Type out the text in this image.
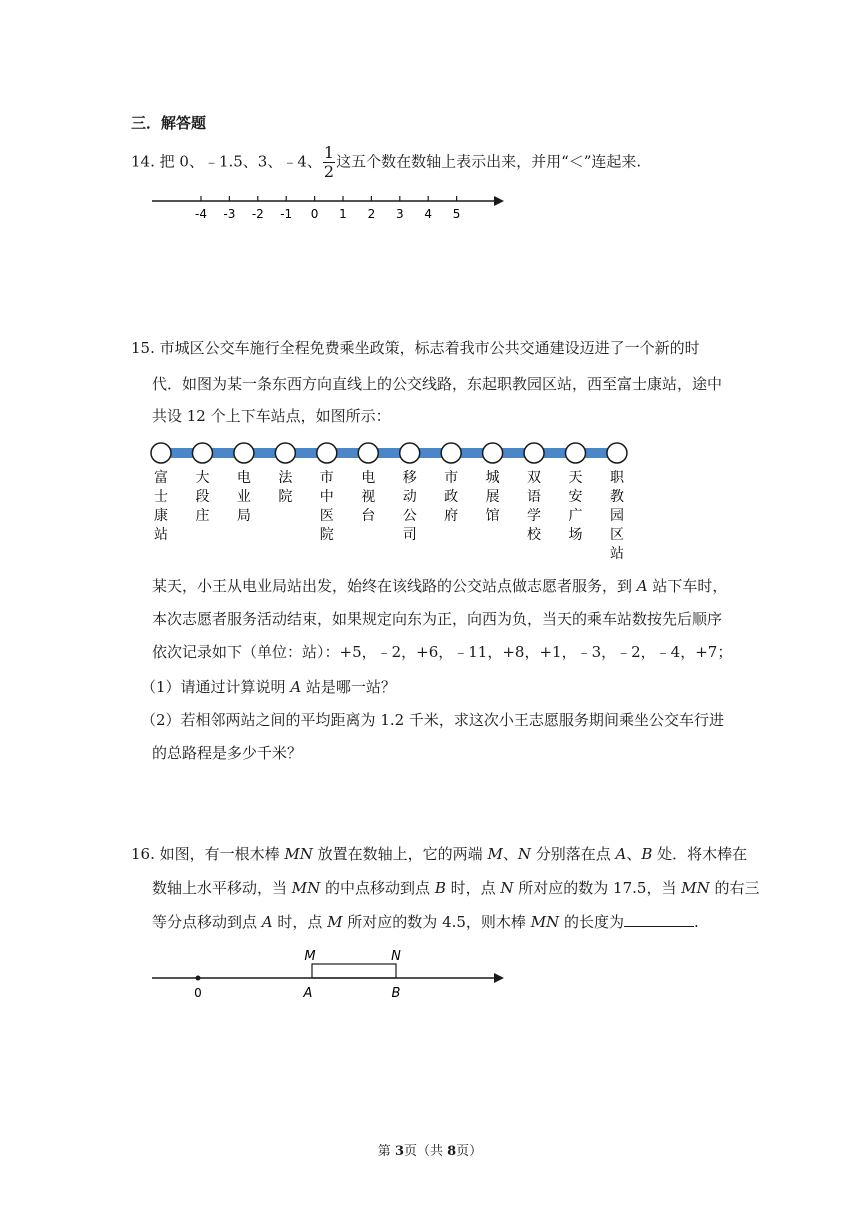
三．解答题
14. 把 0、﹣1.5、3、﹣4、 $\frac{1}{2}$ 这五个数在数轴上表示出来，并用“＜”连起来.
-4 -3 -2 -1 0 1 2 3 4 5
15. 市城区公交车施行全程免费乘坐政策，标志着我市公共交通建设迈进了一个新的时
代．如图为某一条东西方向直线上的公交线路，东起职教园区站，西至富士康站，途中
共设 12 个上下车站点，如图所示：
富
士
康
站
大
段
庄
电
业
局
法
院
市
中
医
院
电
视
台
移
动
公
司
市
政
府
城
展
馆
双
语
学
校
天
安
广
场
职
教
园
区
站
某天，小王从电业局站出发，始终在该线路的公交站点做志愿者服务，到 A 站下车时，
本次志愿者服务活动结束，如果规定向东为正，向西为负，当天的乘车站数按先后顺序
依次记录如下（单位：站）：+5，﹣2，+6，﹣11，+8，+1，﹣3，﹣2，﹣4，+7；
（1）请通过计算说明 A 站是哪一站？
（2）若相邻两站之间的平均距离为 1.2 千米，求这次小王志愿服务期间乘坐公交车行进
的总路程是多少千米？
16. 如图，有一根木棒 MN 放置在数轴上，它的两端 M、N 分别落在点 A、B 处．将木棒在
数轴上水平移动，当 MN 的中点移动到点 B 时，点 N 所对应的数为 17.5，当 MN 的右三
等分点移动到点 A 时，点 M 所对应的数为 4.5，则木棒 MN 的长度为	.
0
M	N
A	B
第 3页（共 8页）
